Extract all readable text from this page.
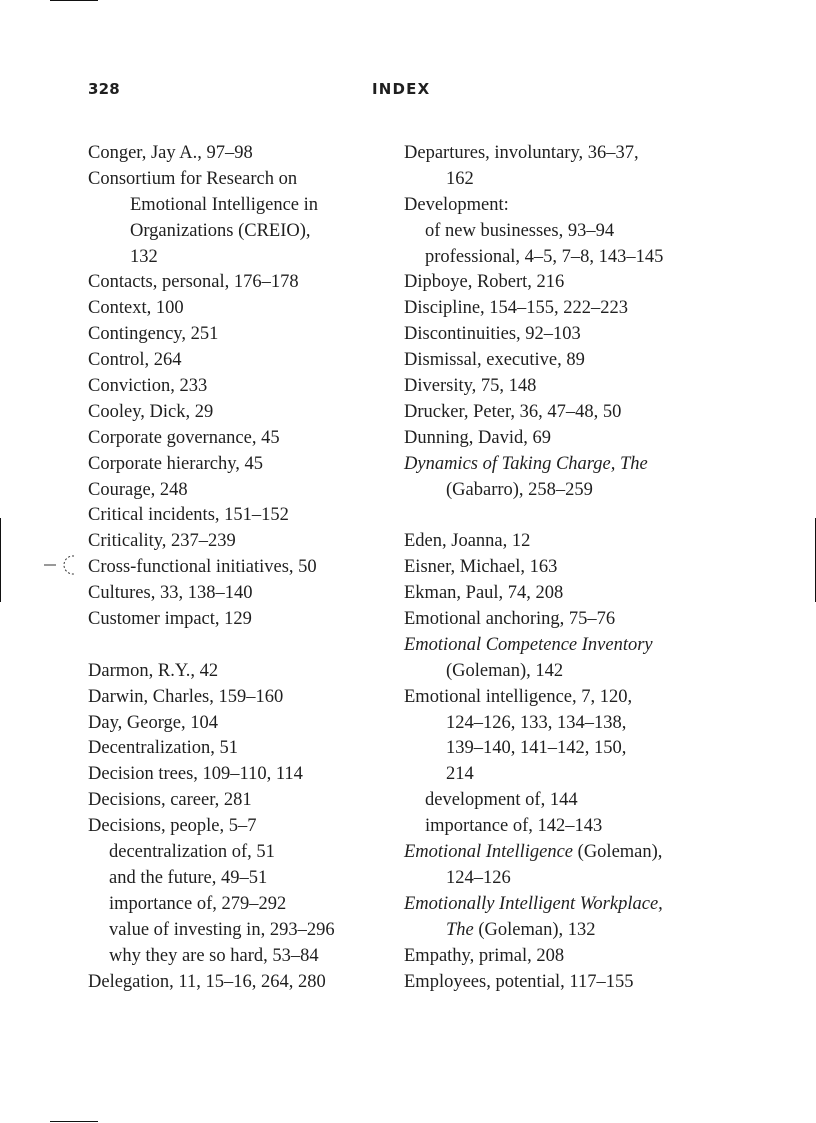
328	INDEX
Conger, Jay A., 97–98
Consortium for Research on
Emotional Intelligence in
Organizations (CREIO),
132
Contacts, personal, 176–178
Context, 100
Contingency, 251
Control, 264
Conviction, 233
Cooley, Dick, 29
Corporate governance, 45
Corporate hierarchy, 45
Courage, 248
Critical incidents, 151–152
Criticality, 237–239
Cross-functional initiatives, 50
Cultures, 33, 138–140
Customer impact, 129
Darmon, R.Y., 42
Darwin, Charles, 159–160
Day, George, 104
Decentralization, 51
Decision trees, 109–110, 114
Decisions, career, 281
Decisions, people, 5–7
decentralization of, 51
and the future, 49–51
importance of, 279–292
value of investing in, 293–296
why they are so hard, 53–84
Delegation, 11, 15–16, 264, 280
Departures, involuntary, 36–37,
162
Development:
of new businesses, 93–94
professional, 4–5, 7–8, 143–145
Dipboye, Robert, 216
Discipline, 154–155, 222–223
Discontinuities, 92–103
Dismissal, executive, 89
Diversity, 75, 148
Drucker, Peter, 36, 47–48, 50
Dunning, David, 69
Dynamics of Taking Charge, The
(Gabarro), 258–259
Eden, Joanna, 12
Eisner, Michael, 163
Ekman, Paul, 74, 208
Emotional anchoring, 75–76
Emotional Competence Inventory
(Goleman), 142
Emotional intelligence, 7, 120,
124–126, 133, 134–138,
139–140, 141–142, 150,
214
development of, 144
importance of, 142–143
Emotional Intelligence (Goleman),
124–126
Emotionally Intelligent Workplace,
The (Goleman), 132
Empathy, primal, 208
Employees, potential, 117–155
